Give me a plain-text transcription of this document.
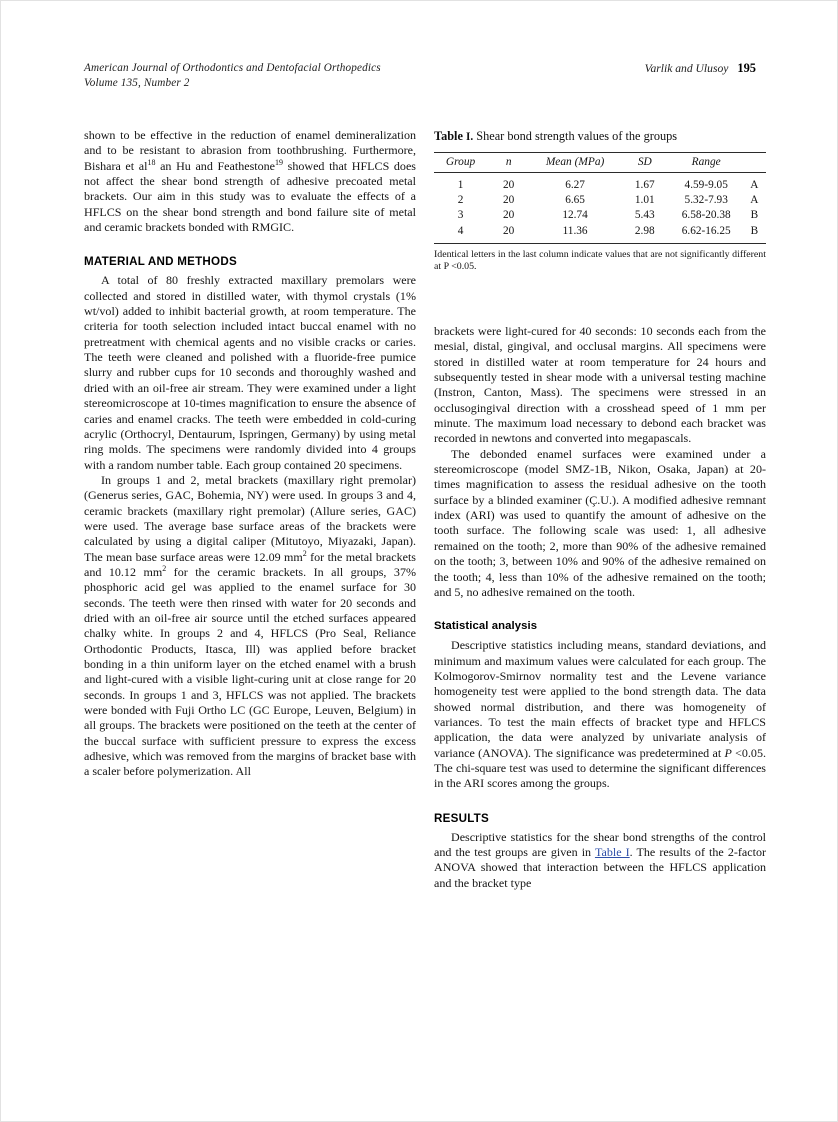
American Journal of Orthodontics and Dentofacial Orthopedics
Volume 135, Number 2
Varlik and Ulusoy 195

shown to be effective in the reduction of enamel demineralization and to be resistant to abrasion from toothbrushing. Furthermore, Bishara et $al^{18}$ an Hu and Feathestone$^{19}$ showed that HFLCS does not affect the shear bond strength of adhesive precoated metal brackets. Our aim in this study was to evaluate the effects of a HFLCS on the shear bond strength and bond failure site of metal and ceramic brackets bonded with RMGIC.

MATERIAL AND METHODS

A total of 80 freshly extracted maxillary premolars were collected and stored in distilled water, with thymol crystals (1% wt/vol) added to inhibit bacterial growth, at room temperature. The criteria for tooth selection included intact buccal enamel with no pretreatment with chemical agents and no visible cracks or caries. The teeth were cleaned and polished with a fluoride-free pumice slurry and rubber cups for 10 seconds and thoroughly washed and dried with an oil-free air stream. They were examined under a light stereomicroscope at 10-times magnification to ensure the absence of caries and enamel cracks. The teeth were embedded in cold-curing acrylic (Orthocryl, Dentaurum, Ispringen, Germany) by using metal ring molds. The specimens were randomly divided into 4 groups with a random number table. Each group contained 20 specimens.

In groups 1 and 2, metal brackets (maxillary right premolar) (Generus series, GAC, Bohemia, NY) were used. In groups 3 and 4, ceramic brackets (maxillary right premolar) (Allure series, GAC) were used. The average base surface areas of the brackets were calculated by using a digital caliper (Mitutoyo, Miyazaki, Japan). The mean base surface areas were 12.09 $mm^2$ for the metal brackets and 10.12 $mm^2$ for the ceramic brackets. In all groups, 37% phosphoric acid gel was applied to the enamel surface for 30 seconds. The teeth were then rinsed with water for 20 seconds and dried with an oil-free air source until the etched surfaces appeared chalky white. In groups 2 and 4, HFLCS (Pro Seal, Reliance Orthodontic Products, Itasca, Ill) was applied before bracket bonding in a thin uniform layer on the etched enamel with a brush and light-cured with a visible light-curing unit at close range for 20 seconds. In groups 1 and 3, HFLCS was not applied. The brackets were bonded with Fuji Ortho LC (GC Europe, Leuven, Belgium) in all groups. The brackets were positioned on the teeth at the center of the buccal surface with sufficient pressure to express the excess adhesive, which was removed from the margins of bracket base with a scaler before polymerization. All

Table I. Shear bond strength values of the groups
Group	n	Mean (MPa)	SD	Range	
1	20	6.27	1.67	4.59-9.05	A
2	20	6.65	1.01	5.32-7.93	A
3	20	12.74	5.43	6.58-20.38	B
4	20	11.36	2.98	6.62-16.25	B
Identical letters in the last column indicate values that are not significantly different at P <0.05.

brackets were light-cured for 40 seconds: 10 seconds each from the mesial, distal, gingival, and occlusal margins. All specimens were stored in distilled water at room temperature for 24 hours and subsequently tested in shear mode with a universal testing machine (Instron, Canton, Mass). The specimens were stressed in an occlusogingival direction with a crosshead speed of 1 mm per minute. The maximum load necessary to debond each bracket was recorded in newtons and converted into megapascals.

The debonded enamel surfaces were examined under a stereomicroscope (model SMZ-1B, Nikon, Osaka, Japan) at 20-times magnification to assess the residual adhesive on the tooth surface by a blinded examiner (Ç.U.). A modified adhesive remnant index (ARI) was used to quantify the amount of adhesive on the tooth surface. The following scale was used: 1, all adhesive remained on the tooth; 2, more than 90% of the adhesive remained on the tooth; 3, between 10% and 90% of the adhesive remained on the tooth; 4, less than 10% of the adhesive remained on the tooth; and 5, no adhesive remained on the tooth.

Statistical analysis

Descriptive statistics including means, standard deviations, and minimum and maximum values were calculated for each group. The Kolmogorov-Smirnov normality test and the Levene variance homogeneity test were applied to the bond strength data. The data showed normal distribution, and there was homogeneity of variances. To test the main effects of bracket type and HFLCS application, the data were analyzed by univariate analysis of variance (ANOVA). The significance was predetermined at P <0.05. The chi-square test was used to determine the significant differences in the ARI scores among the groups.

RESULTS

Descriptive statistics for the shear bond strengths of the control and the test groups are given in Table I. The results of the 2-factor ANOVA showed that interaction between the HFLCS application and the bracket type
